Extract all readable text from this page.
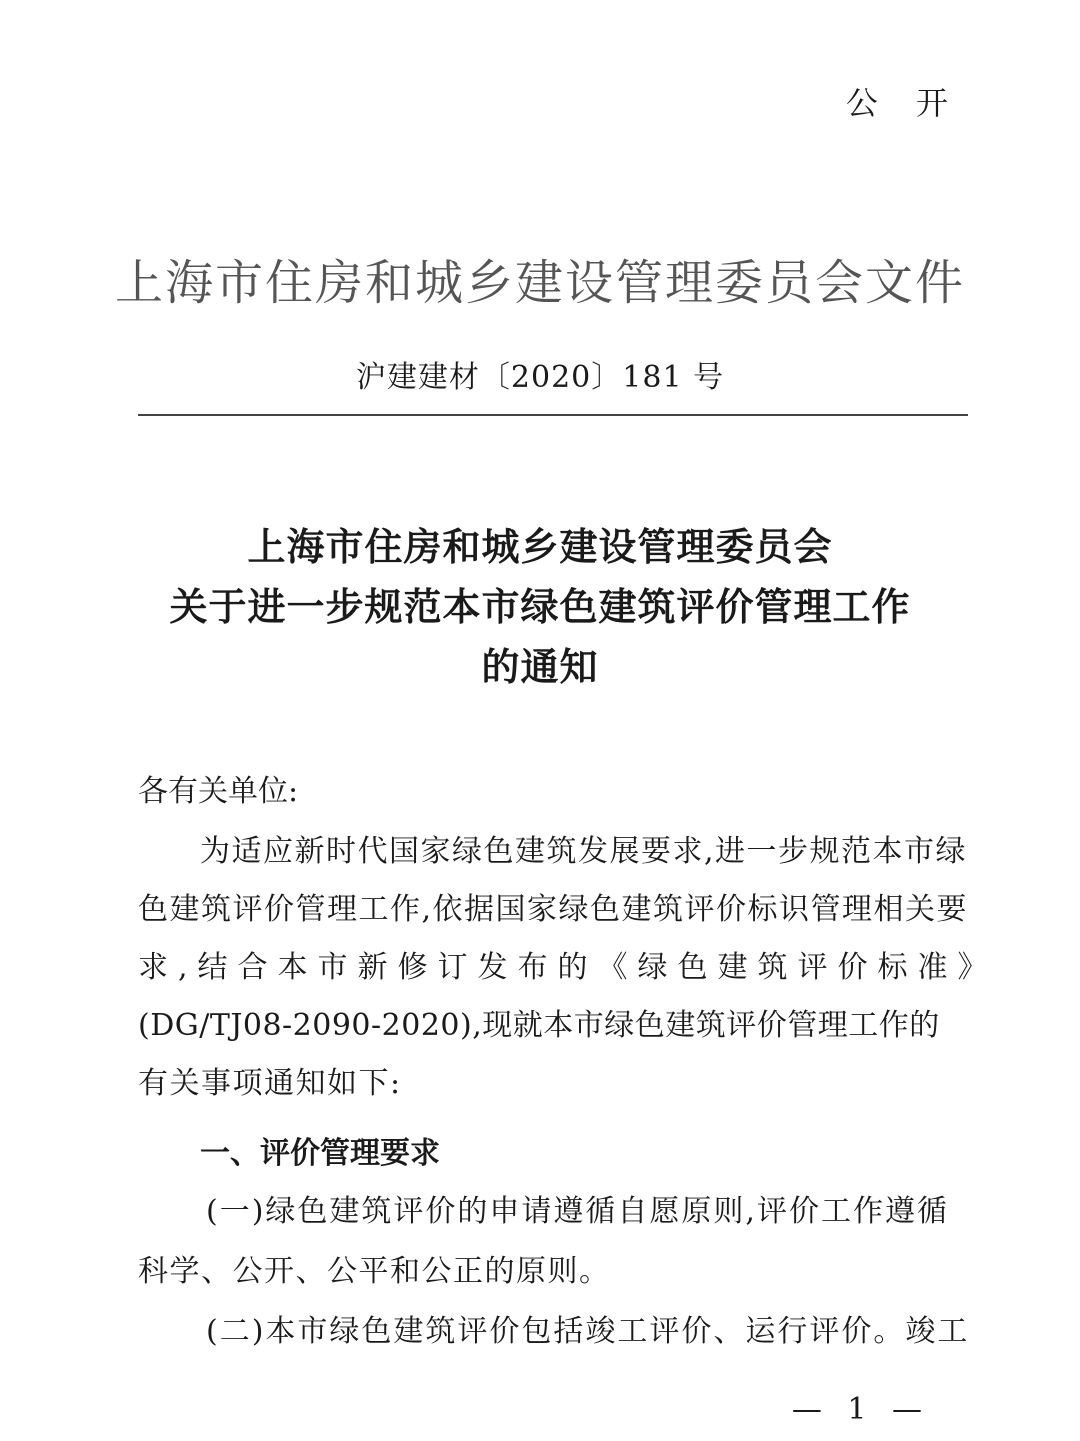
公 开
上海市住房和城乡建设管理委员会文件
沪建建材〔2020〕181 号
上海市住房和城乡建设管理委员会
关于进一步规范本市绿色建筑评价管理工作
的通知
各有关单位:
为适应新时代国家绿色建筑发展要求,进一步规范本市绿
色建筑评价管理工作,依据国家绿色建筑评价标识管理相关要
求,结合本市新修订发布的《绿色建筑评价标准》
(DG/TJ08-2090-2020),现就本市绿色建筑评价管理工作的
有关事项通知如下:
一、评价管理要求
(一)绿色建筑评价的申请遵循自愿原则,评价工作遵循
科学、公开、公平和公正的原则。
(二)本市绿色建筑评价包括竣工评价、运行评价。竣工
— 1 —
